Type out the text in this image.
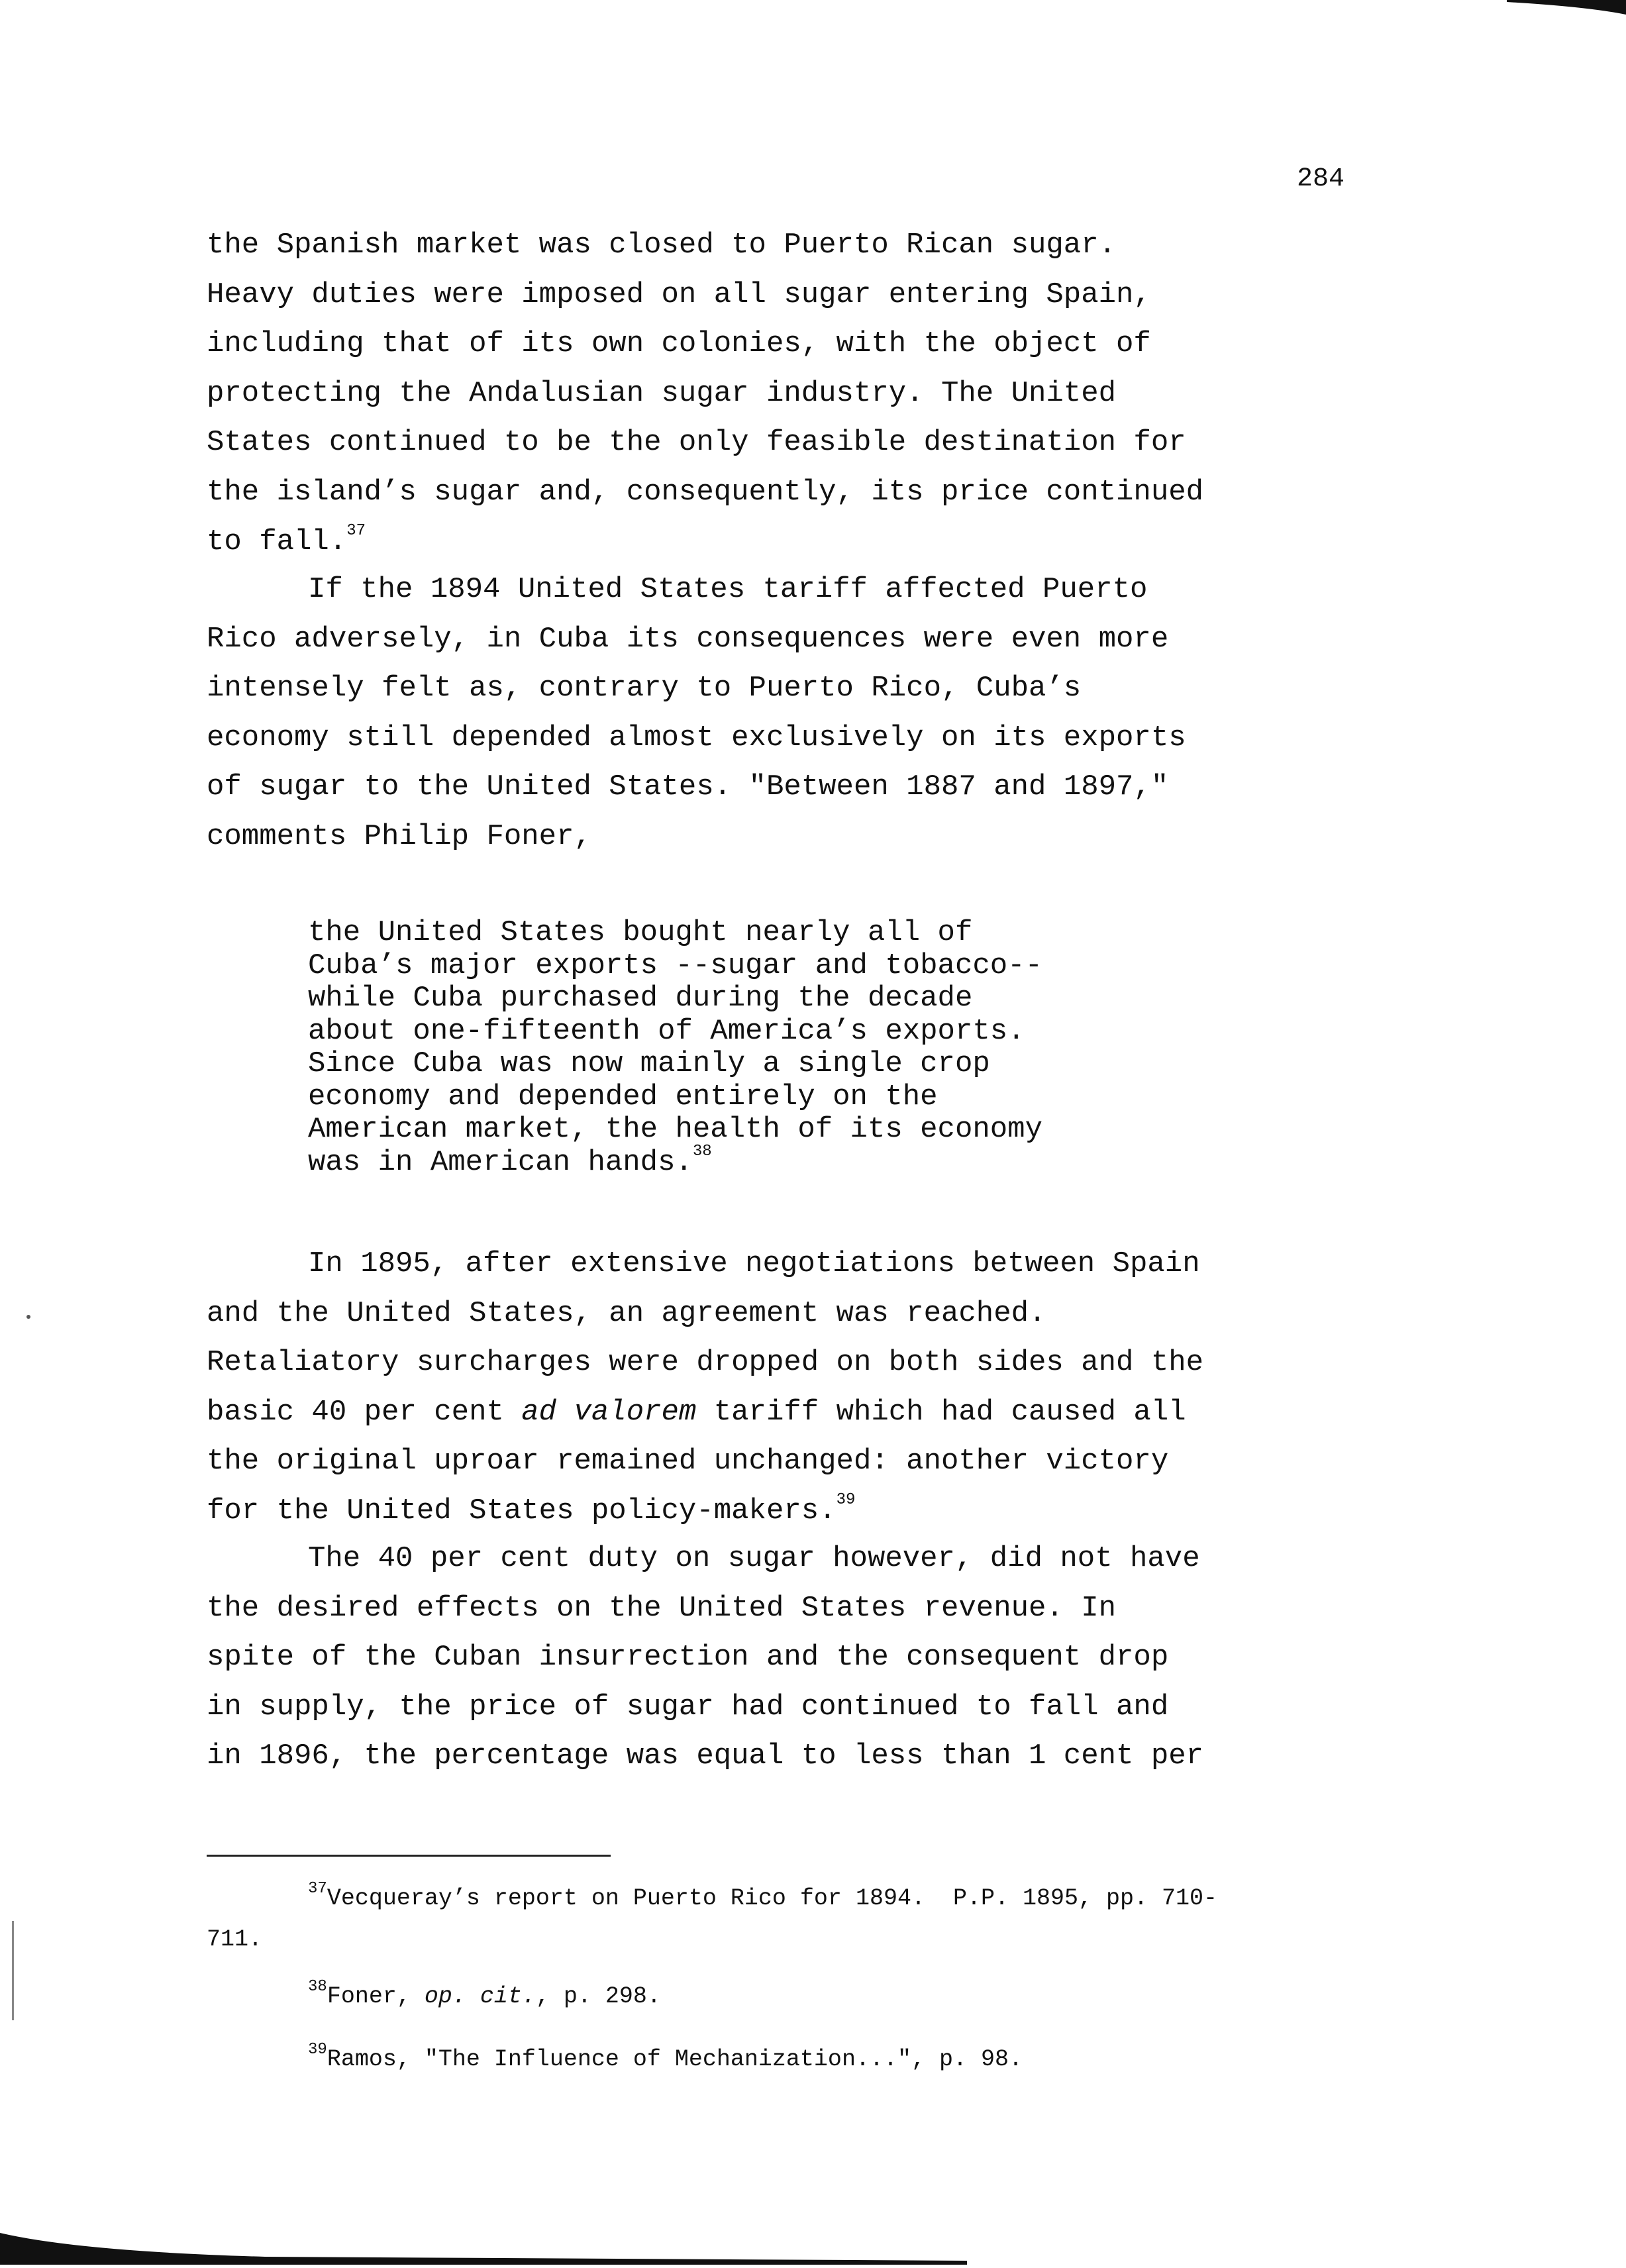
284

the Spanish market was closed to Puerto Rican sugar.

Heavy duties were imposed on all sugar entering Spain,

including that of its own colonies, with the object of

protecting the Andalusian sugar industry. The United

States continued to be the only feasible destination for

the island’s sugar and, consequently, its price continued

to fall.$^{37}$

If the 1894 United States tariff affected Puerto

Rico adversely, in Cuba its consequences were even more

intensely felt as, contrary to Puerto Rico, Cuba’s

economy still depended almost exclusively on its exports

of sugar to the United States. "Between 1887 and 1897,"

comments Philip Foner,

the United States bought nearly all of

Cuba’s major exports --sugar and tobacco--

while Cuba purchased during the decade

about one-fifteenth of America’s exports.

Since Cuba was now mainly a single crop

economy and depended entirely on the

American market, the health of its economy

was in American hands.$^{38}$

In 1895, after extensive negotiations between Spain

and the United States, an agreement was reached.

Retaliatory surcharges were dropped on both sides and the

basic 40 per cent ad valorem tariff which had caused all

the original uproar remained unchanged: another victory

for the United States policy-makers.$^{39}$

The 40 per cent duty on sugar however, did not have

the desired effects on the United States revenue. In

spite of the Cuban insurrection and the consequent drop

in supply, the price of sugar had continued to fall and

in 1896, the percentage was equal to less than 1 cent per

$^{37}$Vecqueray’s report on Puerto Rico for 1894.  P.P. 1895, pp. 710-

711.

$^{38}$Foner, op. cit., p. 298.

$^{39}$Ramos, "The Influence of Mechanization...", p. 98.
